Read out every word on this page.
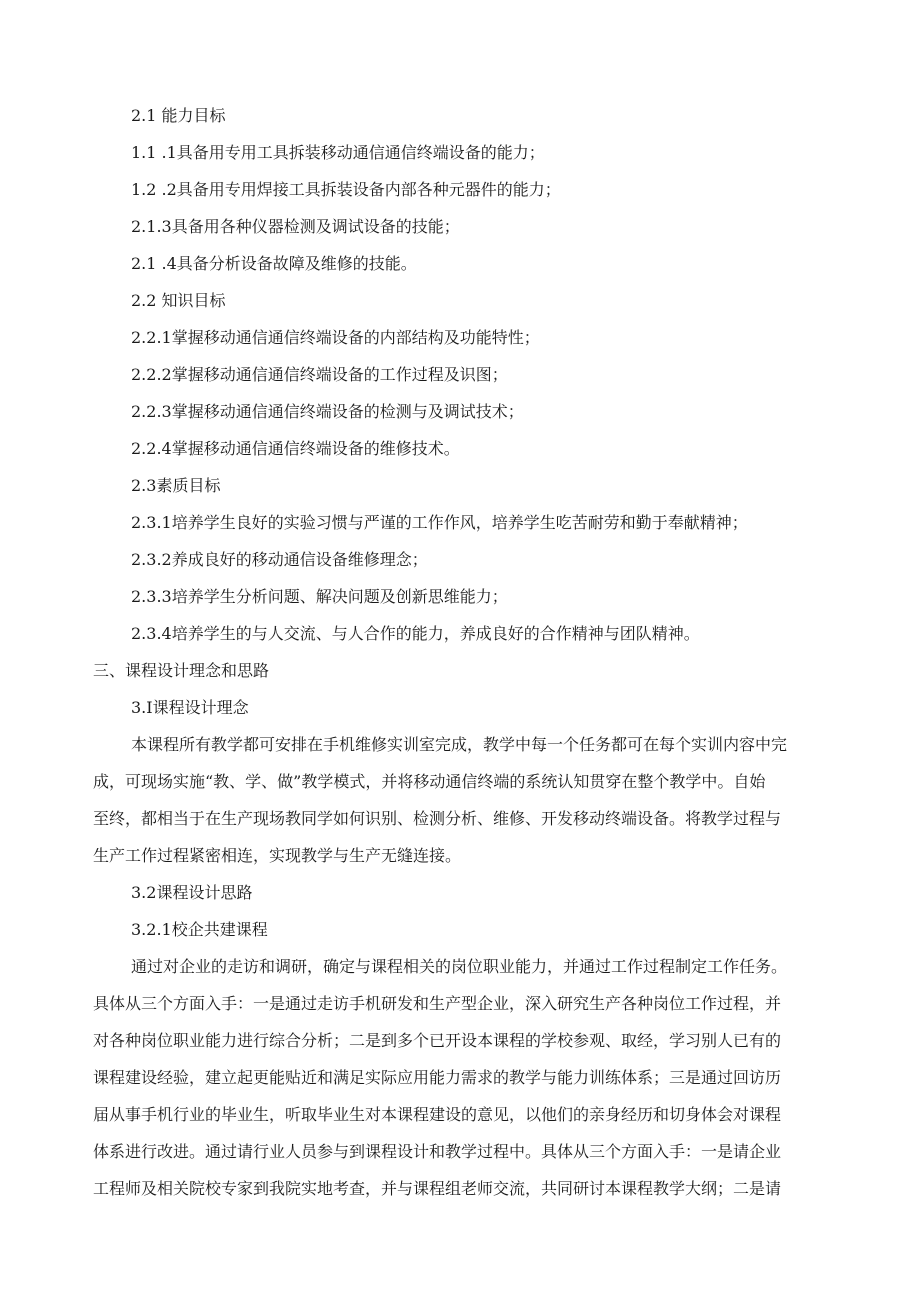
2.1 能力目标
1.1 .1具备用专用工具拆装移动通信通信终端设备的能力；
1.2 .2具备用专用焊接工具拆装设备内部各种元器件的能力；
2.1.3具备用各种仪器检测及调试设备的技能；
2.1 .4具备分析设备故障及维修的技能。
2.2 知识目标
2.2.1掌握移动通信通信终端设备的内部结构及功能特性；
2.2.2掌握移动通信通信终端设备的工作过程及识图；
2.2.3掌握移动通信通信终端设备的检测与及调试技术；
2.2.4掌握移动通信通信终端设备的维修技术。
2.3素质目标
2.3.1培养学生良好的实验习惯与严谨的工作作风，培养学生吃苦耐劳和勤于奉献精神；
2.3.2养成良好的移动通信设备维修理念；
2.3.3培养学生分析问题、解决问题及创新思维能力；
2.3.4培养学生的与人交流、与人合作的能力，养成良好的合作精神与团队精神。
三、课程设计理念和思路
3.I课程设计理念
本课程所有教学都可安排在手机维修实训室完成，教学中每一个任务都可在每个实训内容中完
成，可现场实施“教、学、做”教学模式，并将移动通信终端的系统认知贯穿在整个教学中。自始
至终，都相当于在生产现场教同学如何识别、检测分析、维修、开发移动终端设备。将教学过程与
生产工作过程紧密相连，实现教学与生产无缝连接。
3.2课程设计思路
3.2.1校企共建课程
通过对企业的走访和调研，确定与课程相关的岗位职业能力，并通过工作过程制定工作任务。
具体从三个方面入手：一是通过走访手机研发和生产型企业，深入研究生产各种岗位工作过程，并
对各种岗位职业能力进行综合分析；二是到多个已开设本课程的学校参观、取经，学习别人已有的
课程建设经验，建立起更能贴近和满足实际应用能力需求的教学与能力训练体系；三是通过回访历
届从事手机行业的毕业生，听取毕业生对本课程建设的意见，以他们的亲身经历和切身体会对课程
体系进行改进。通过请行业人员参与到课程设计和教学过程中。具体从三个方面入手：一是请企业
工程师及相关院校专家到我院实地考查，并与课程组老师交流，共同研讨本课程教学大纲；二是请
